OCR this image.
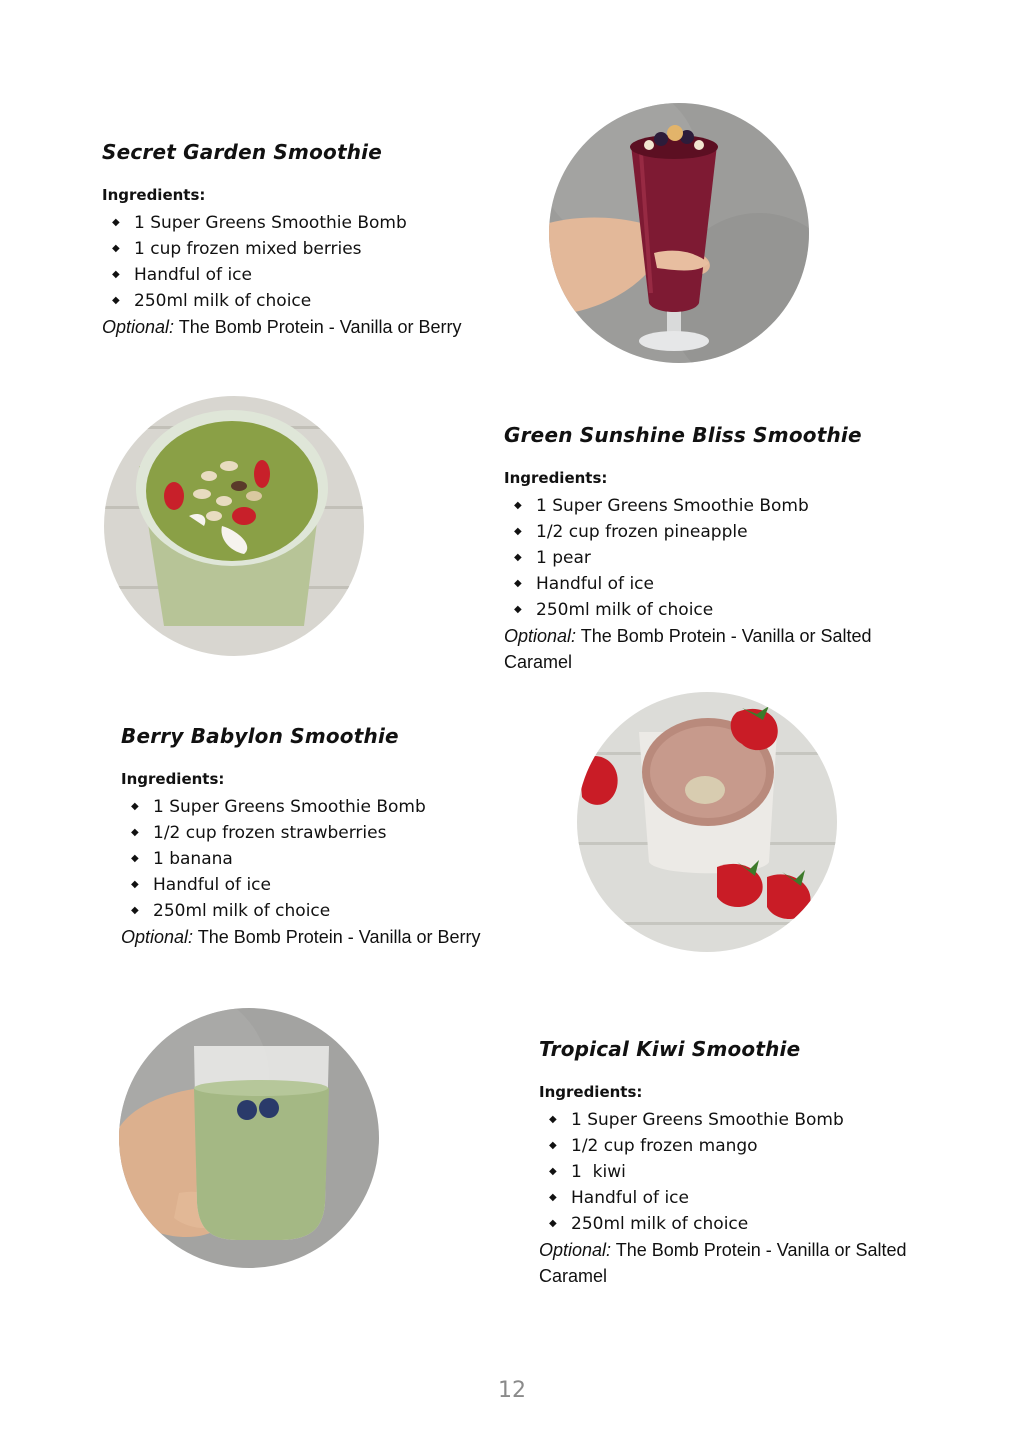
Secret Garden Smoothie
Ingredients:
◆ 1 Super Greens Smoothie Bomb
◆ 1 cup frozen mixed berries
◆ Handful of ice
◆ 250ml milk of choice
Optional: The Bomb Protein - Vanilla or Berry
Green Sunshine Bliss Smoothie
Ingredients:
◆ 1 Super Greens Smoothie Bomb
◆ 1/2 cup frozen pineapple
◆ 1 pear
◆ Handful of ice
◆ 250ml milk of choice
Optional: The Bomb Protein - Vanilla or Salted Caramel
Berry Babylon Smoothie
Ingredients:
◆ 1 Super Greens Smoothie Bomb
◆ 1/2 cup frozen strawberries
◆ 1 banana
◆ Handful of ice
◆ 250ml milk of choice
Optional: The Bomb Protein - Vanilla or Berry
Tropical Kiwi Smoothie
Ingredients:
◆ 1 Super Greens Smoothie Bomb
◆ 1/2 cup frozen mango
◆ 1  kiwi
◆ Handful of ice
◆ 250ml milk of choice
Optional: The Bomb Protein - Vanilla or Salted Caramel
12
